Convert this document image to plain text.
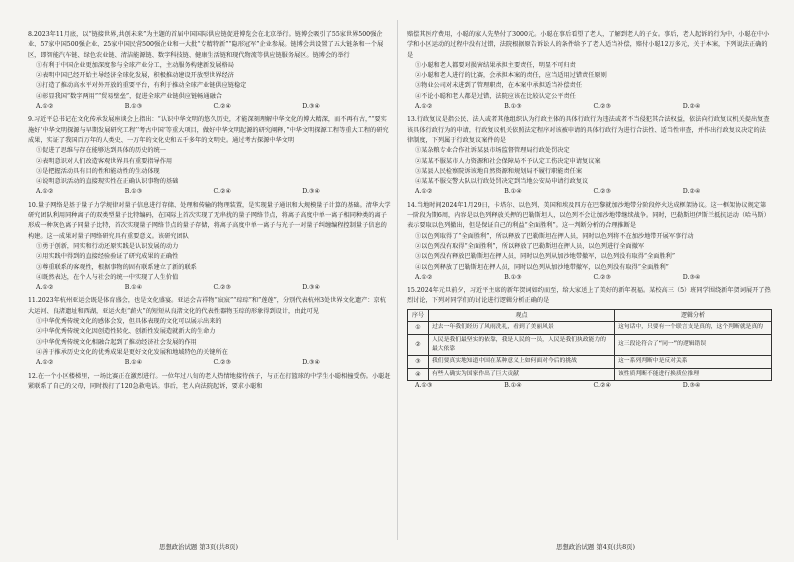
8.2023年11月底，以“链接世界,共创未来”为主题的首届中国国际供应链促进博览会在北京举行。链博会吸引了55家世界500强企业、57家中国500强企业、25家中国民营500强企业和一大批“专精特新”“隐形冠军”企业参展。链博会共设置了五大链条和一个展区，即智能汽车链、绿色农业链、清洁能源链、数字科技链、健康生活链和现代物流等供应链服务展区。链博会的举行
①有利于中国企业更加深度参与全球产业分工，主动服务构建新发展格局
②表明中国已经开始主导经济全球化发展，积极推动建设开放型世界经济
③打造了推动高水平对外开放的重要平台，有利于推动全球产业链供应链稳定
④彰显我国“数字两用”“贸易壁垒”，促进全球产业链供应链畅通融合
A.①②	B.①③	C.②④	D.③④
9.习近平总书记在文化传承发展座谈会上指出：“认识中华文明的悠久历史，才能深刻理解中华文化的博大精深，而不再有古，”“要实施好‘中华文明探源与早期发展研究工程’‘考古中国’等重大项目，做好中华文明起源的研究阐释，”中华文明探源工程等重大工程的研究成果，实证了我国百万年的人类史、一万年的文化史和五千多年的文明史。通过考古探源中华文明
①促进了思维与存在能够达到具体的历史的统一
②表明意识对人们改造客观世界具有重要指导作用
③是把握活动具有目的性和能动性的生动体现
④说明意识活动的直接现实性在正确认识事物的基础
A.①②	B.①③	C.②④	D.③④
10.量子网络是基于量子力学规律对量子信息进行存储、处理和传输的物理装置，是实现量子通讯和大规模量子计算的基础。清华大学研究团队利用同种离子的双类型量子比特编码，在国际上首次实现了无串扰的量子网络节点，将离子高度中单一离子相同种类的离子形成一种灰色离子同量子比特，首次实现量子网络节点的量子存储，将离子高度中单一离子与光子一对量子纠缠编程控制量子信息的构建。这一成果对量子网络研究具有重要意义。该研究团队
①勇于创新，同实和行动还原实践是认识发展的动力
②用实践中得到的直接经验验证了研究成果的正确性
③尊重联系的客观性，根据事物的固有联系建立了新的联系
④既然表达，在个人与社会的统一中实现了人生价值
A.①②	B.①④	C.②③	D.③④
11.2023年杭州亚运会既是体育盛会，也是文化盛宴。亚运会吉祥物“宸宸”“琮琮”和“莲莲”，分别代表杭州3处世界文化遗产：京杭大运河、良渚遗址和西湖，亚运火炬“薪火”的短短从良渚文化的代表性器物玉琮的形象得到设计，由此可见
①中华优秀传统文化的感体会发，但具体表现的文化可以展示出来的
②中华优秀传统文化因创造性转化、创新性发展造就新大的生命力
③中华优秀传统文化相融合起到了推动经济社会发展的作用
④善于推承历史文化的优秀成果是更好文化发展和地域特色的关键所在
A.①②	B.①④	C.②③	D.③④
12.在一个小区楼梯里，一场比赛正在激烈进行。一位年过八旬的老人热情地接待孩子，与正在打篮球的中学生小聪相撞受伤。小聪赶紧联系了自己的父母，同时拨打了120急救电话。事后，老人向法院起诉，要求小聪和
思想政治试题 第3页(共8页)
赔偿其医疗费用，小聪的家人先垫付了3000元。小聪在事后看望了老人，了解到老人的子女。事后，老人起诉的行为中，小聪在中小学和小区运动的过程中没有过错，法院根据原告诉讼人的条件给予了老人适当补偿，赔付小聪12万多元，关于本案，下列说法正确的是
①小聪和老人都要对损害结果承担主要责任，明显不可归责
②小聪和老人进行的比赛，会承担本案的责任，应当适用过错责任原则
③物业公司对未进到了管理职责，在本案中承担适当补偿责任
④不论小聪和老人都是过错，法院应该在比较认定公平责任
A.①②	B.①③	C.②③	D.②④
13.行政复议是指公民、法人或者其他组织认为行政主体的具体行政行为违法或者不当侵犯其合法权益，依法向行政复议机关提出复查该具体行政行为的申请，行政复议机关依照法定程序对该被申请的具体行政行为进行合法性、适当性审查，并作出行政复议决定的法律制度，下列属于行政复议案件的是
①某杂粮专业合作社诉某县市场监督管理局行政处罚决定
②某某不服某市人力资源和社会保障局不予认定工伤决定申请复议案
③某县人民检察院诉该地自然资源和规划局不履行职能责任案
④某某不服交警大队以行政处罚决定到当地公安局申请行政复议
A.①②	B.①④	C.②③	D.②④
14.当地时间2024年1月29日，卡塔尔、以色列、美国和埃及四方在巴黎就加沙地带分阶段停火达成框架协议。这一框架协议规定第一阶段为期6周，内容是以色列释放关押的巴勒斯坦人，以色列不会让加沙地带继续战争。同时，巴勒斯坦伊斯兰抵抗运动（哈马斯）表示要取以色列撤出，但是保证自己的利益“全面胜利”。这一判断分析的合理推断是
①以色列取得了“全面胜利”，所以释放了巴勒斯坦在押人员，同时以色列将不在加沙地带开展军事行动
②以色列没有取得“全面胜利”，所以释放了巴勒斯坦在押人员，以色列进行全面撤军
③以色列没有释放巴勒斯坦在押人员，同时以色列从加沙地带撤军，以色列没有取得“全面胜利”
④以色列释放了巴勒斯坦在押人员，同时以色列从加沙地带撤军，以色列没有取得“全面胜利”
A.①②	B.①③	C.②③	D.③④
15.2024年元旦前夕，习近平主席的新年贺词如约而至，给大家送上了美好的新年祝福。某校高三（5）班同学围绕新年贺词展开了热烈讨论，下列对同学们的讨论进行逻辑分析正确的是
序号	观点	逻辑分析
①	过去一年我们经历了风雨洗礼，看到了美丽风景	这句话中，只要有一个联言支是真的，这个判断就是真的
②	人民是我们最坚实的依靠，我是人民的一员，人民是我们执政能力的最大依靠	这三段论符合了“同一”的逻辑错误
③	我们要真实地知道中国在某种意义上如何面对今后的挑战	这一系列判断中是反对关系
④	有些人确实为国家作出了巨大贡献	该性质判断不能进行换质位推理
A.①③	B.①④	C.②④	D.③④
思想政治试题 第4页(共8页)
